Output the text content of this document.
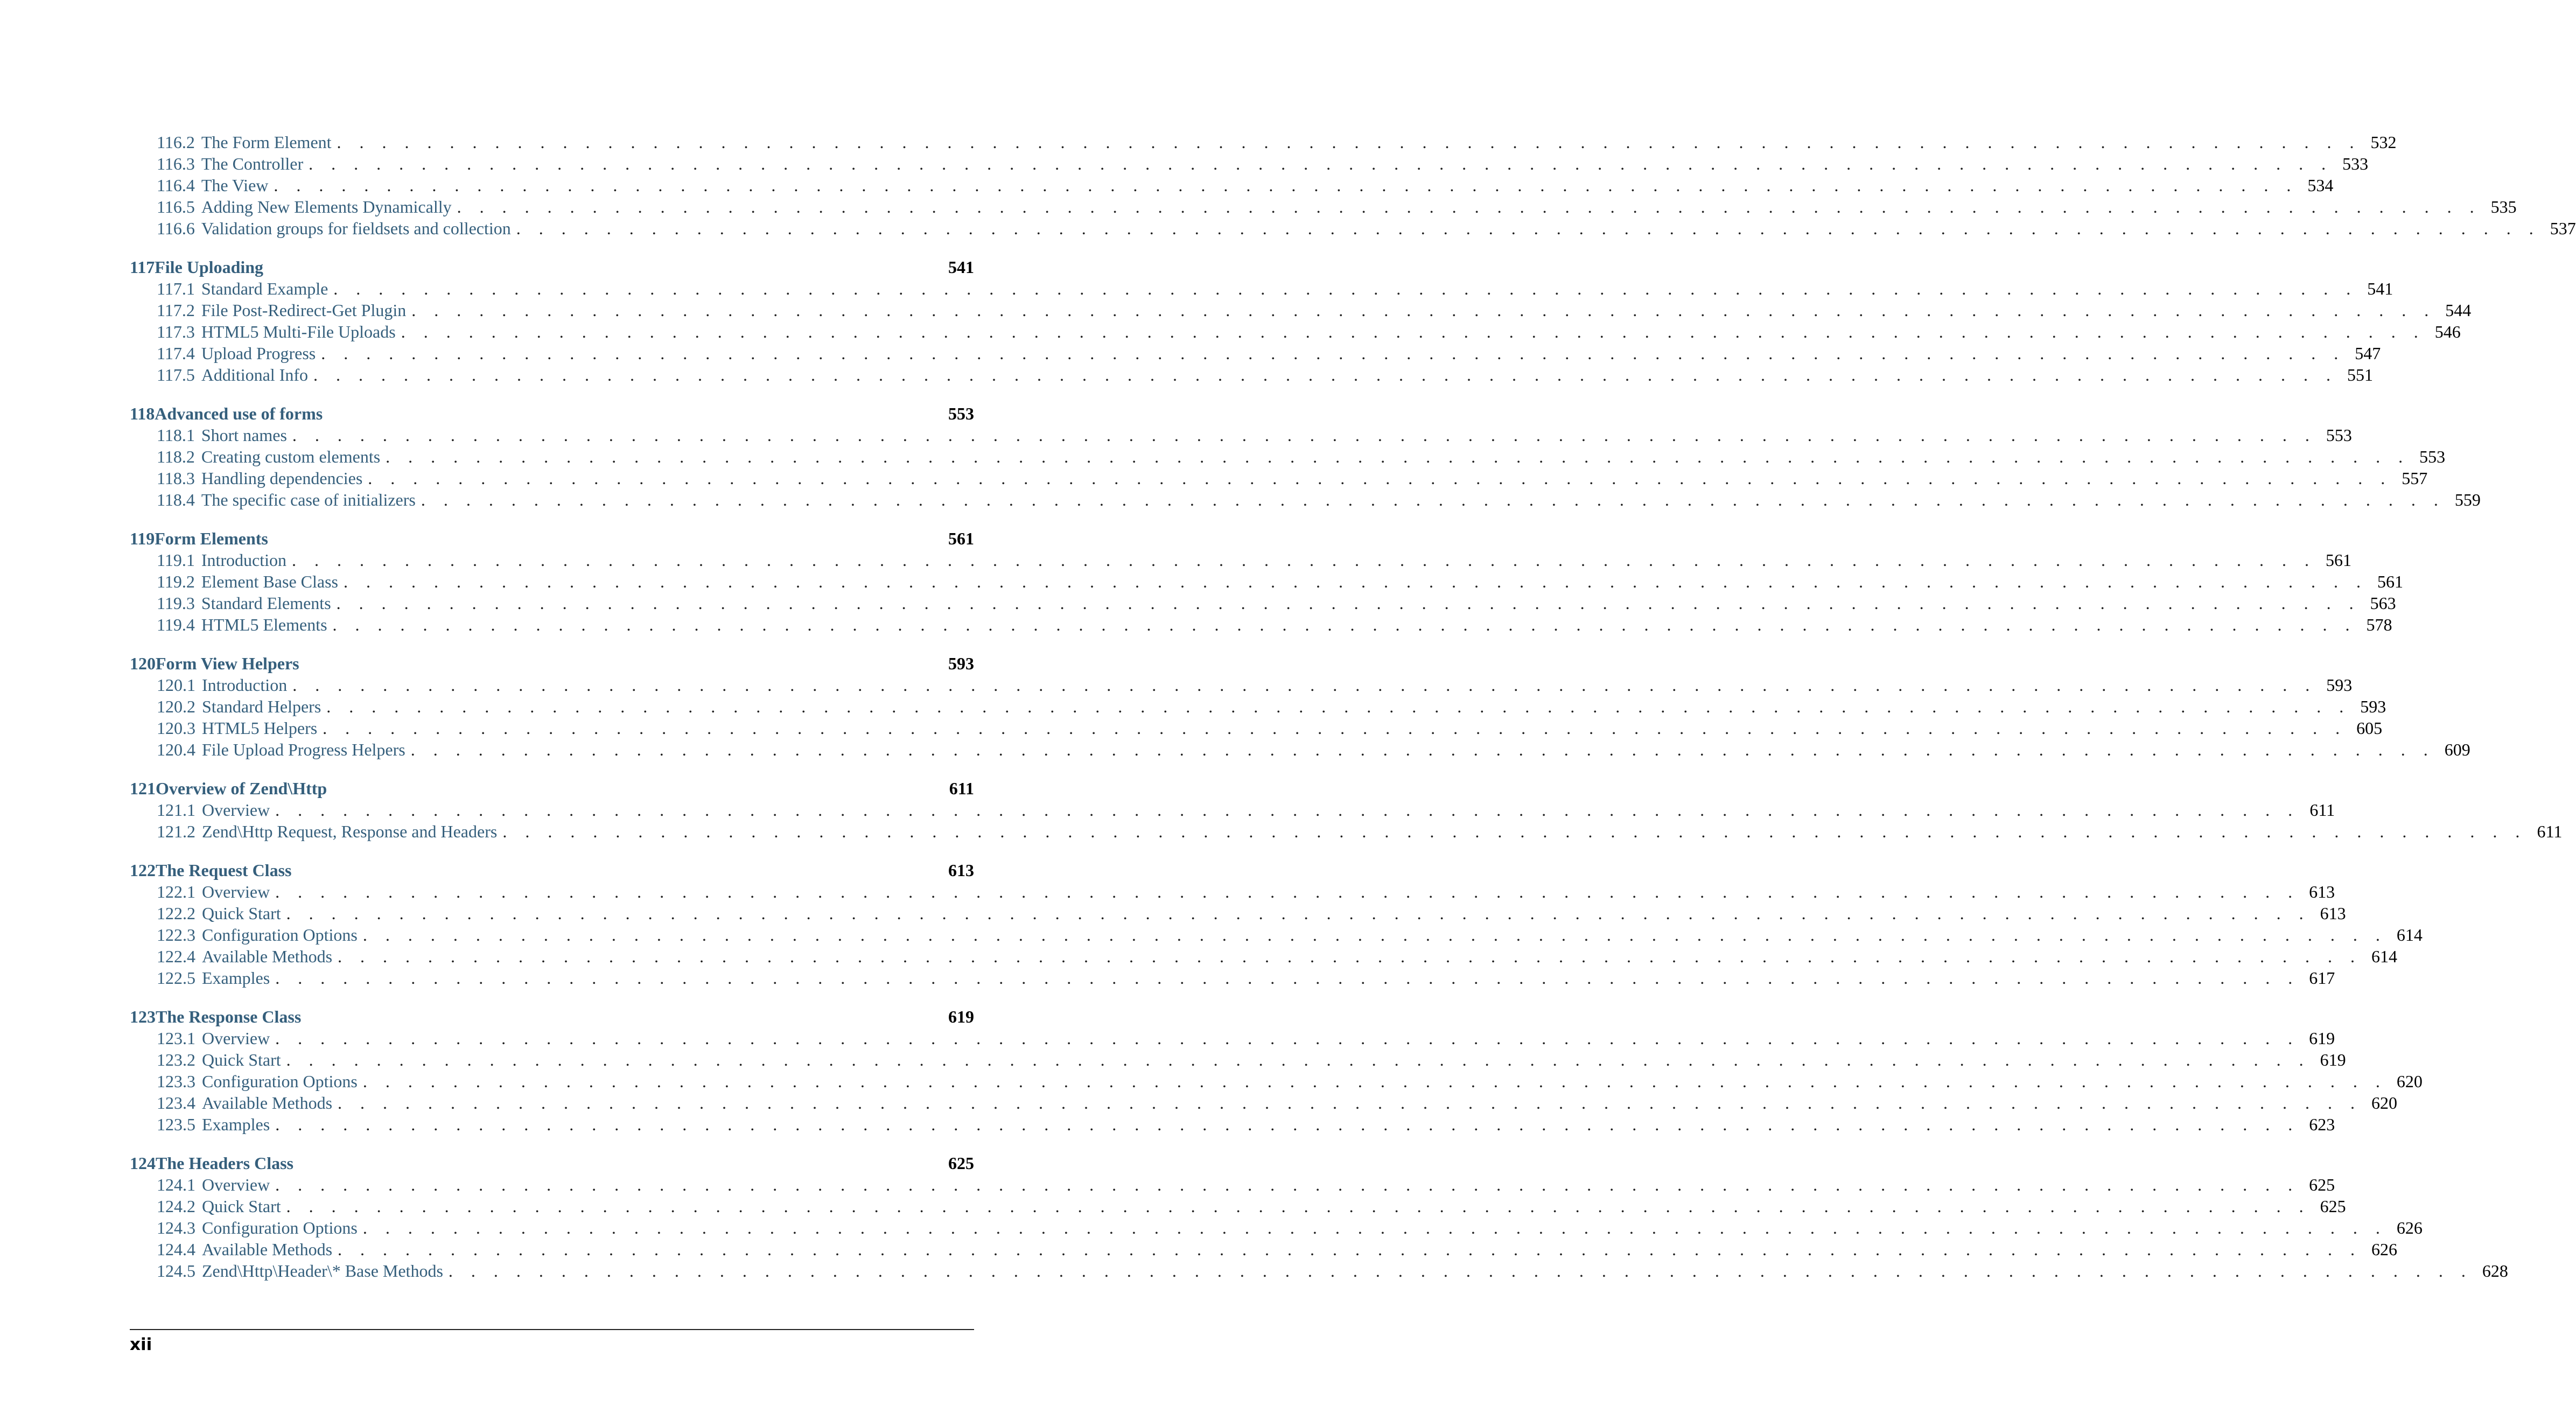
116.2 The Form Element . . . . . . . . . . . . . . . . . . . . . . . . . . . . . . . . . . . . . . . . . . . . . . . . . . . . . . . . . . . . . . . . . . . . . . . . . . . . . . . . . . . . . . . . . . 532
116.3 The Controller . . . . . . . . . . . . . . . . . . . . . . . . . . . . . . . . . . . . . . . . . . . . . . . . . . . . . . . . . . . . . . . . . . . . . . . . . . . . . . . . . . . . . . . . . . 533
116.4 The View . . . . . . . . . . . . . . . . . . . . . . . . . . . . . . . . . . . . . . . . . . . . . . . . . . . . . . . . . . . . . . . . . . . . . . . . . . . . . . . . . . . . . . . . . . 534
116.5 Adding New Elements Dynamically . . . . . . . . . . . . . . . . . . . . . . . . . . . . . . . . . . . . . . . . . . . . . . . . . . . . . . . . . . . . . . . . . . . . . . . . . . . . . . . . . . . . . . . . . . 535
116.6 Validation groups for fieldsets and collection . . . . . . . . . . . . . . . . . . . . . . . . . . . . . . . . . . . . . . . . . . . . . . . . . . . . . . . . . . . . . . . . . . . . . . . . . . . . . . . . . . . . . . . . . . 537
117File Uploading	541
117.1 Standard Example . . . . . . . . . . . . . . . . . . . . . . . . . . . . . . . . . . . . . . . . . . . . . . . . . . . . . . . . . . . . . . . . . . . . . . . . . . . . . . . . . . . . . . . . . . 541
117.2 File Post-Redirect-Get Plugin . . . . . . . . . . . . . . . . . . . . . . . . . . . . . . . . . . . . . . . . . . . . . . . . . . . . . . . . . . . . . . . . . . . . . . . . . . . . . . . . . . . . . . . . . . 544
117.3 HTML5 Multi-File Uploads . . . . . . . . . . . . . . . . . . . . . . . . . . . . . . . . . . . . . . . . . . . . . . . . . . . . . . . . . . . . . . . . . . . . . . . . . . . . . . . . . . . . . . . . . . 546
117.4 Upload Progress . . . . . . . . . . . . . . . . . . . . . . . . . . . . . . . . . . . . . . . . . . . . . . . . . . . . . . . . . . . . . . . . . . . . . . . . . . . . . . . . . . . . . . . . . . 547
117.5 Additional Info . . . . . . . . . . . . . . . . . . . . . . . . . . . . . . . . . . . . . . . . . . . . . . . . . . . . . . . . . . . . . . . . . . . . . . . . . . . . . . . . . . . . . . . . . . 551
118Advanced use of forms	553
118.1 Short names . . . . . . . . . . . . . . . . . . . . . . . . . . . . . . . . . . . . . . . . . . . . . . . . . . . . . . . . . . . . . . . . . . . . . . . . . . . . . . . . . . . . . . . . . . 553
118.2 Creating custom elements . . . . . . . . . . . . . . . . . . . . . . . . . . . . . . . . . . . . . . . . . . . . . . . . . . . . . . . . . . . . . . . . . . . . . . . . . . . . . . . . . . . . . . . . . . 553
118.3 Handling dependencies . . . . . . . . . . . . . . . . . . . . . . . . . . . . . . . . . . . . . . . . . . . . . . . . . . . . . . . . . . . . . . . . . . . . . . . . . . . . . . . . . . . . . . . . . . 557
118.4 The specific case of initializers . . . . . . . . . . . . . . . . . . . . . . . . . . . . . . . . . . . . . . . . . . . . . . . . . . . . . . . . . . . . . . . . . . . . . . . . . . . . . . . . . . . . . . . . . . 559
119Form Elements	561
119.1 Introduction . . . . . . . . . . . . . . . . . . . . . . . . . . . . . . . . . . . . . . . . . . . . . . . . . . . . . . . . . . . . . . . . . . . . . . . . . . . . . . . . . . . . . . . . . . 561
119.2 Element Base Class . . . . . . . . . . . . . . . . . . . . . . . . . . . . . . . . . . . . . . . . . . . . . . . . . . . . . . . . . . . . . . . . . . . . . . . . . . . . . . . . . . . . . . . . . . 561
119.3 Standard Elements . . . . . . . . . . . . . . . . . . . . . . . . . . . . . . . . . . . . . . . . . . . . . . . . . . . . . . . . . . . . . . . . . . . . . . . . . . . . . . . . . . . . . . . . . . 563
119.4 HTML5 Elements . . . . . . . . . . . . . . . . . . . . . . . . . . . . . . . . . . . . . . . . . . . . . . . . . . . . . . . . . . . . . . . . . . . . . . . . . . . . . . . . . . . . . . . . . . 578
120Form View Helpers	593
120.1 Introduction . . . . . . . . . . . . . . . . . . . . . . . . . . . . . . . . . . . . . . . . . . . . . . . . . . . . . . . . . . . . . . . . . . . . . . . . . . . . . . . . . . . . . . . . . . 593
120.2 Standard Helpers . . . . . . . . . . . . . . . . . . . . . . . . . . . . . . . . . . . . . . . . . . . . . . . . . . . . . . . . . . . . . . . . . . . . . . . . . . . . . . . . . . . . . . . . . . 593
120.3 HTML5 Helpers . . . . . . . . . . . . . . . . . . . . . . . . . . . . . . . . . . . . . . . . . . . . . . . . . . . . . . . . . . . . . . . . . . . . . . . . . . . . . . . . . . . . . . . . . . 605
120.4 File Upload Progress Helpers . . . . . . . . . . . . . . . . . . . . . . . . . . . . . . . . . . . . . . . . . . . . . . . . . . . . . . . . . . . . . . . . . . . . . . . . . . . . . . . . . . . . . . . . . . 609
121Overview of Zend\Http	611
121.1 Overview . . . . . . . . . . . . . . . . . . . . . . . . . . . . . . . . . . . . . . . . . . . . . . . . . . . . . . . . . . . . . . . . . . . . . . . . . . . . . . . . . . . . . . . . . . 611
121.2 Zend\Http Request, Response and Headers . . . . . . . . . . . . . . . . . . . . . . . . . . . . . . . . . . . . . . . . . . . . . . . . . . . . . . . . . . . . . . . . . . . . . . . . . . . . . . . . . . . . . . . . . . 611
122The Request Class	613
122.1 Overview . . . . . . . . . . . . . . . . . . . . . . . . . . . . . . . . . . . . . . . . . . . . . . . . . . . . . . . . . . . . . . . . . . . . . . . . . . . . . . . . . . . . . . . . . . 613
122.2 Quick Start . . . . . . . . . . . . . . . . . . . . . . . . . . . . . . . . . . . . . . . . . . . . . . . . . . . . . . . . . . . . . . . . . . . . . . . . . . . . . . . . . . . . . . . . . . 613
122.3 Configuration Options . . . . . . . . . . . . . . . . . . . . . . . . . . . . . . . . . . . . . . . . . . . . . . . . . . . . . . . . . . . . . . . . . . . . . . . . . . . . . . . . . . . . . . . . . . 614
122.4 Available Methods . . . . . . . . . . . . . . . . . . . . . . . . . . . . . . . . . . . . . . . . . . . . . . . . . . . . . . . . . . . . . . . . . . . . . . . . . . . . . . . . . . . . . . . . . . 614
122.5 Examples . . . . . . . . . . . . . . . . . . . . . . . . . . . . . . . . . . . . . . . . . . . . . . . . . . . . . . . . . . . . . . . . . . . . . . . . . . . . . . . . . . . . . . . . . . 617
123The Response Class	619
123.1 Overview . . . . . . . . . . . . . . . . . . . . . . . . . . . . . . . . . . . . . . . . . . . . . . . . . . . . . . . . . . . . . . . . . . . . . . . . . . . . . . . . . . . . . . . . . . 619
123.2 Quick Start . . . . . . . . . . . . . . . . . . . . . . . . . . . . . . . . . . . . . . . . . . . . . . . . . . . . . . . . . . . . . . . . . . . . . . . . . . . . . . . . . . . . . . . . . . 619
123.3 Configuration Options . . . . . . . . . . . . . . . . . . . . . . . . . . . . . . . . . . . . . . . . . . . . . . . . . . . . . . . . . . . . . . . . . . . . . . . . . . . . . . . . . . . . . . . . . . 620
123.4 Available Methods . . . . . . . . . . . . . . . . . . . . . . . . . . . . . . . . . . . . . . . . . . . . . . . . . . . . . . . . . . . . . . . . . . . . . . . . . . . . . . . . . . . . . . . . . . 620
123.5 Examples . . . . . . . . . . . . . . . . . . . . . . . . . . . . . . . . . . . . . . . . . . . . . . . . . . . . . . . . . . . . . . . . . . . . . . . . . . . . . . . . . . . . . . . . . . 623
124The Headers Class	625
124.1 Overview . . . . . . . . . . . . . . . . . . . . . . . . . . . . . . . . . . . . . . . . . . . . . . . . . . . . . . . . . . . . . . . . . . . . . . . . . . . . . . . . . . . . . . . . . . 625
124.2 Quick Start . . . . . . . . . . . . . . . . . . . . . . . . . . . . . . . . . . . . . . . . . . . . . . . . . . . . . . . . . . . . . . . . . . . . . . . . . . . . . . . . . . . . . . . . . . 625
124.3 Configuration Options . . . . . . . . . . . . . . . . . . . . . . . . . . . . . . . . . . . . . . . . . . . . . . . . . . . . . . . . . . . . . . . . . . . . . . . . . . . . . . . . . . . . . . . . . . 626
124.4 Available Methods . . . . . . . . . . . . . . . . . . . . . . . . . . . . . . . . . . . . . . . . . . . . . . . . . . . . . . . . . . . . . . . . . . . . . . . . . . . . . . . . . . . . . . . . . . 626
124.5 Zend\Http\Header\* Base Methods . . . . . . . . . . . . . . . . . . . . . . . . . . . . . . . . . . . . . . . . . . . . . . . . . . . . . . . . . . . . . . . . . . . . . . . . . . . . . . . . . . . . . . . . . . 628
xii
